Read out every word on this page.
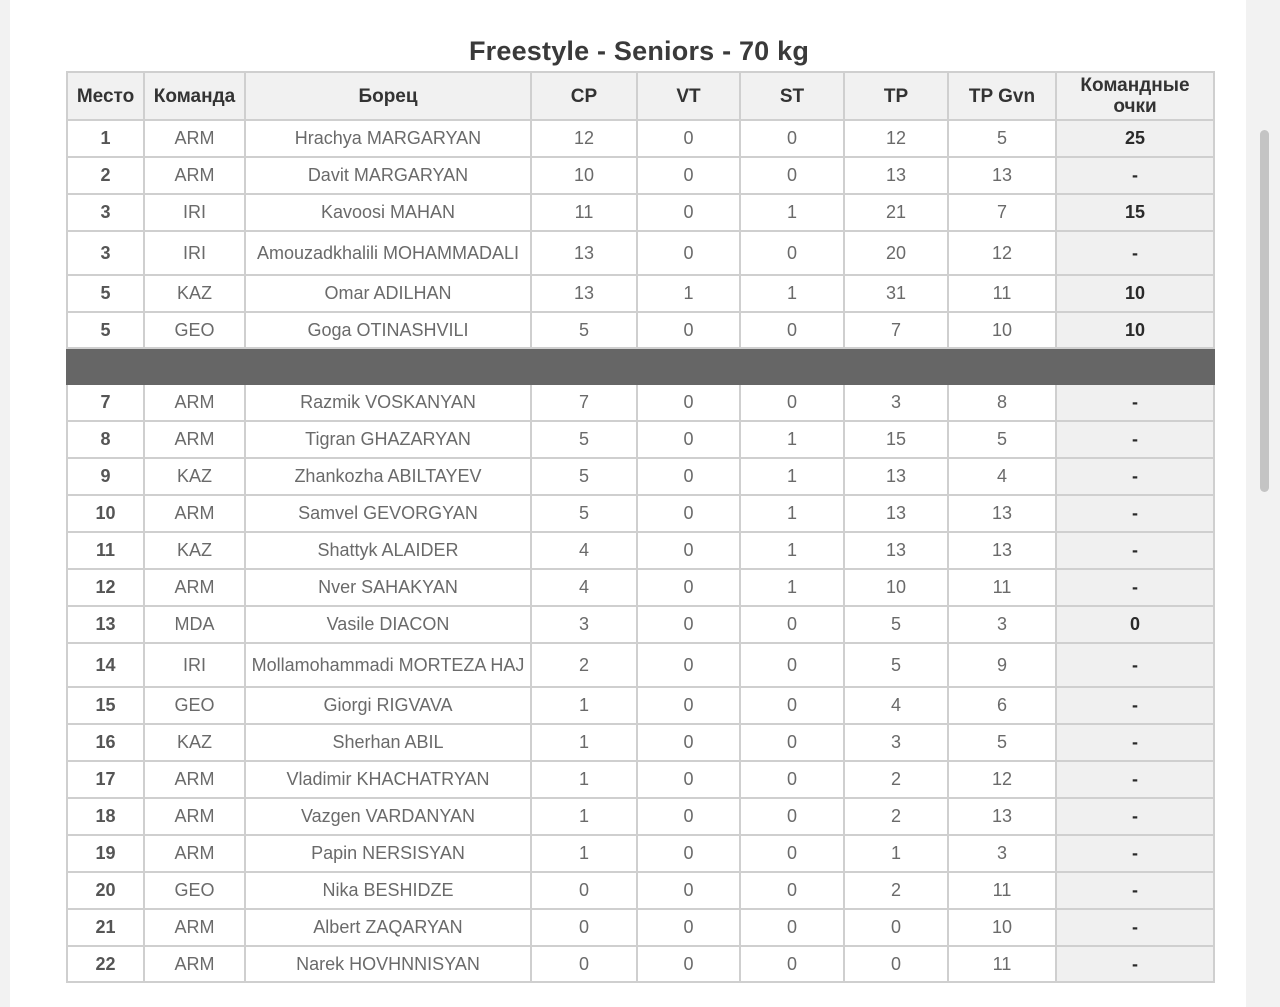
Freestyle - Seniors - 70 kg
Место	Команда	Борец	CP	VT	ST	TP	TP Gvn	Командные очки
1	ARM	Hrachya MARGARYAN	12	0	0	12	5	25
2	ARM	Davit MARGARYAN	10	0	0	13	13	-
3	IRI	Kavoosi MAHAN	11	0	1	21	7	15
3	IRI	Amouzadkhalili MOHAMMADALI	13	0	0	20	12	-
5	KAZ	Omar ADILHAN	13	1	1	31	11	10
5	GEO	Goga OTINASHVILI	5	0	0	7	10	10

7	ARM	Razmik VOSKANYAN	7	0	0	3	8	-
8	ARM	Tigran GHAZARYAN	5	0	1	15	5	-
9	KAZ	Zhankozha ABILTAYEV	5	0	1	13	4	-
10	ARM	Samvel GEVORGYAN	5	0	1	13	13	-
11	KAZ	Shattyk ALAIDER	4	0	1	13	13	-
12	ARM	Nver SAHAKYAN	4	0	1	10	11	-
13	MDA	Vasile DIACON	3	0	0	5	3	0
14	IRI	Mollamohammadi MORTEZA HAJ	2	0	0	5	9	-
15	GEO	Giorgi RIGVAVA	1	0	0	4	6	-
16	KAZ	Sherhan ABIL	1	0	0	3	5	-
17	ARM	Vladimir KHACHATRYAN	1	0	0	2	12	-
18	ARM	Vazgen VARDANYAN	1	0	0	2	13	-
19	ARM	Papin NERSISYAN	1	0	0	1	3	-
20	GEO	Nika BESHIDZE	0	0	0	2	11	-
21	ARM	Albert ZAQARYAN	0	0	0	0	10	-
22	ARM	Narek HOVHNNISYAN	0	0	0	0	11	-
